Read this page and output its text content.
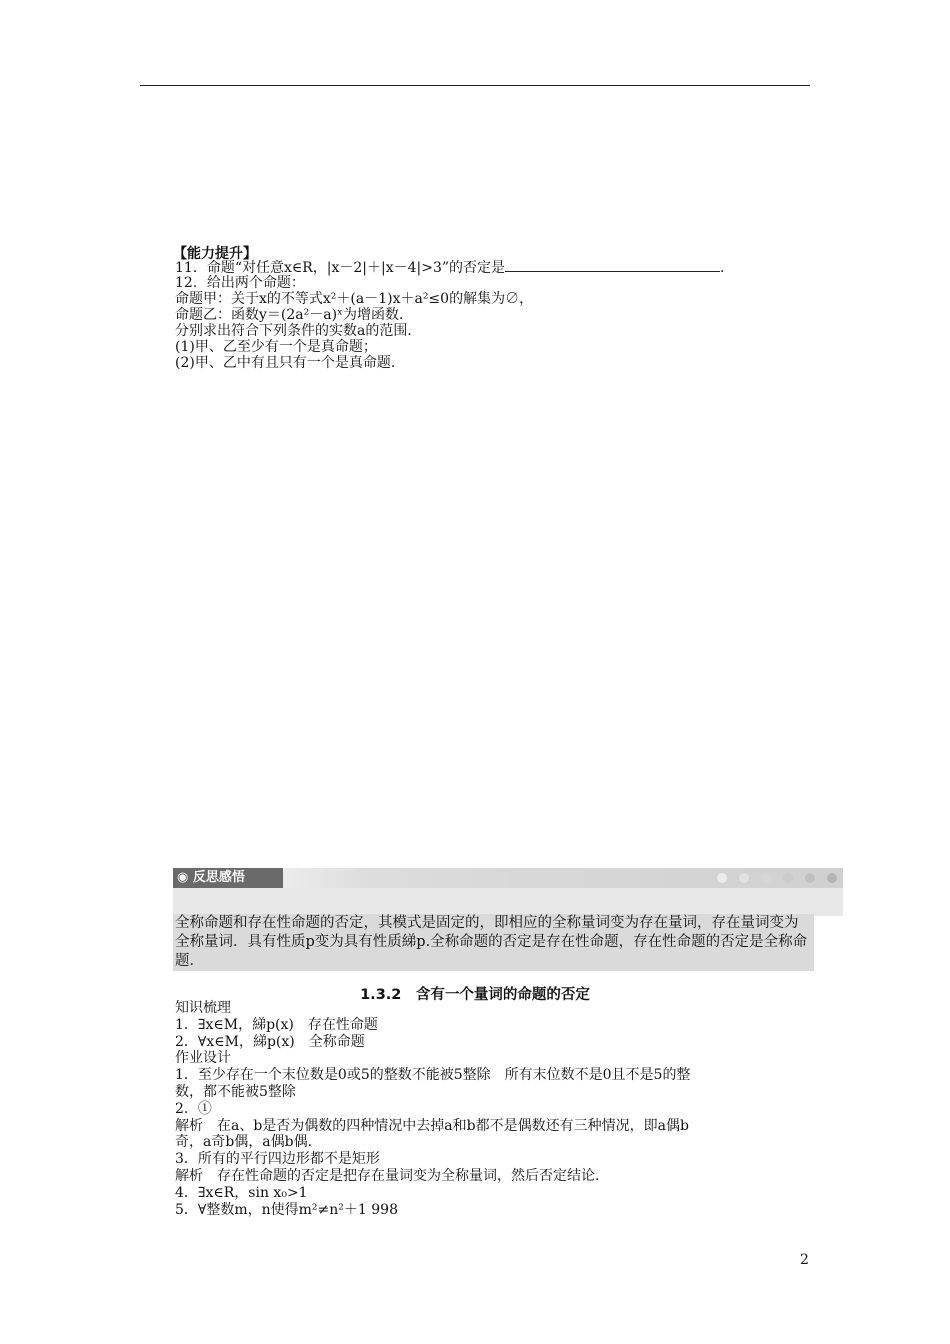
【能力提升】
11．命题“对任意x∈R，|x－2|＋|x－4|>3”的否定是	．
12．给出两个命题：
命题甲：关于x的不等式x²＋(a－1)x＋a²≤0的解集为∅，
命题乙：函数y＝(2a²－a)ˣ为增函数．
分别求出符合下列条件的实数a的范围．
(1)甲、乙至少有一个是真命题；
(2)甲、乙中有且只有一个是真命题．
◉ 反思感悟
全称命题和存在性命题的否定，其模式是固定的，即相应的全称量词变为存在量词，存在量词变为全称量词．具有性质p变为具有性质綈p.全称命题的否定是存在性命题，存在性命题的否定是全称命题．
1.3.2　含有一个量词的命题的否定
知识梳理
1．∃x∈M，綈p(x)　存在性命题
2．∀x∈M，綈p(x)　全称命题
作业设计
1．至少存在一个末位数是0或5的整数不能被5整除　所有末位数不是0且不是5的整
数，都不能被5整除
2．①
解析　在a、b是否为偶数的四种情况中去掉a和b都不是偶数还有三种情况，即a偶b
奇，a奇b偶，a偶b偶．
3．所有的平行四边形都不是矩形
解析　存在性命题的否定是把存在量词变为全称量词，然后否定结论．
4．∃x∈R，sin x₀>1
5．∀整数m，n使得m²≠n²＋1 998
2
